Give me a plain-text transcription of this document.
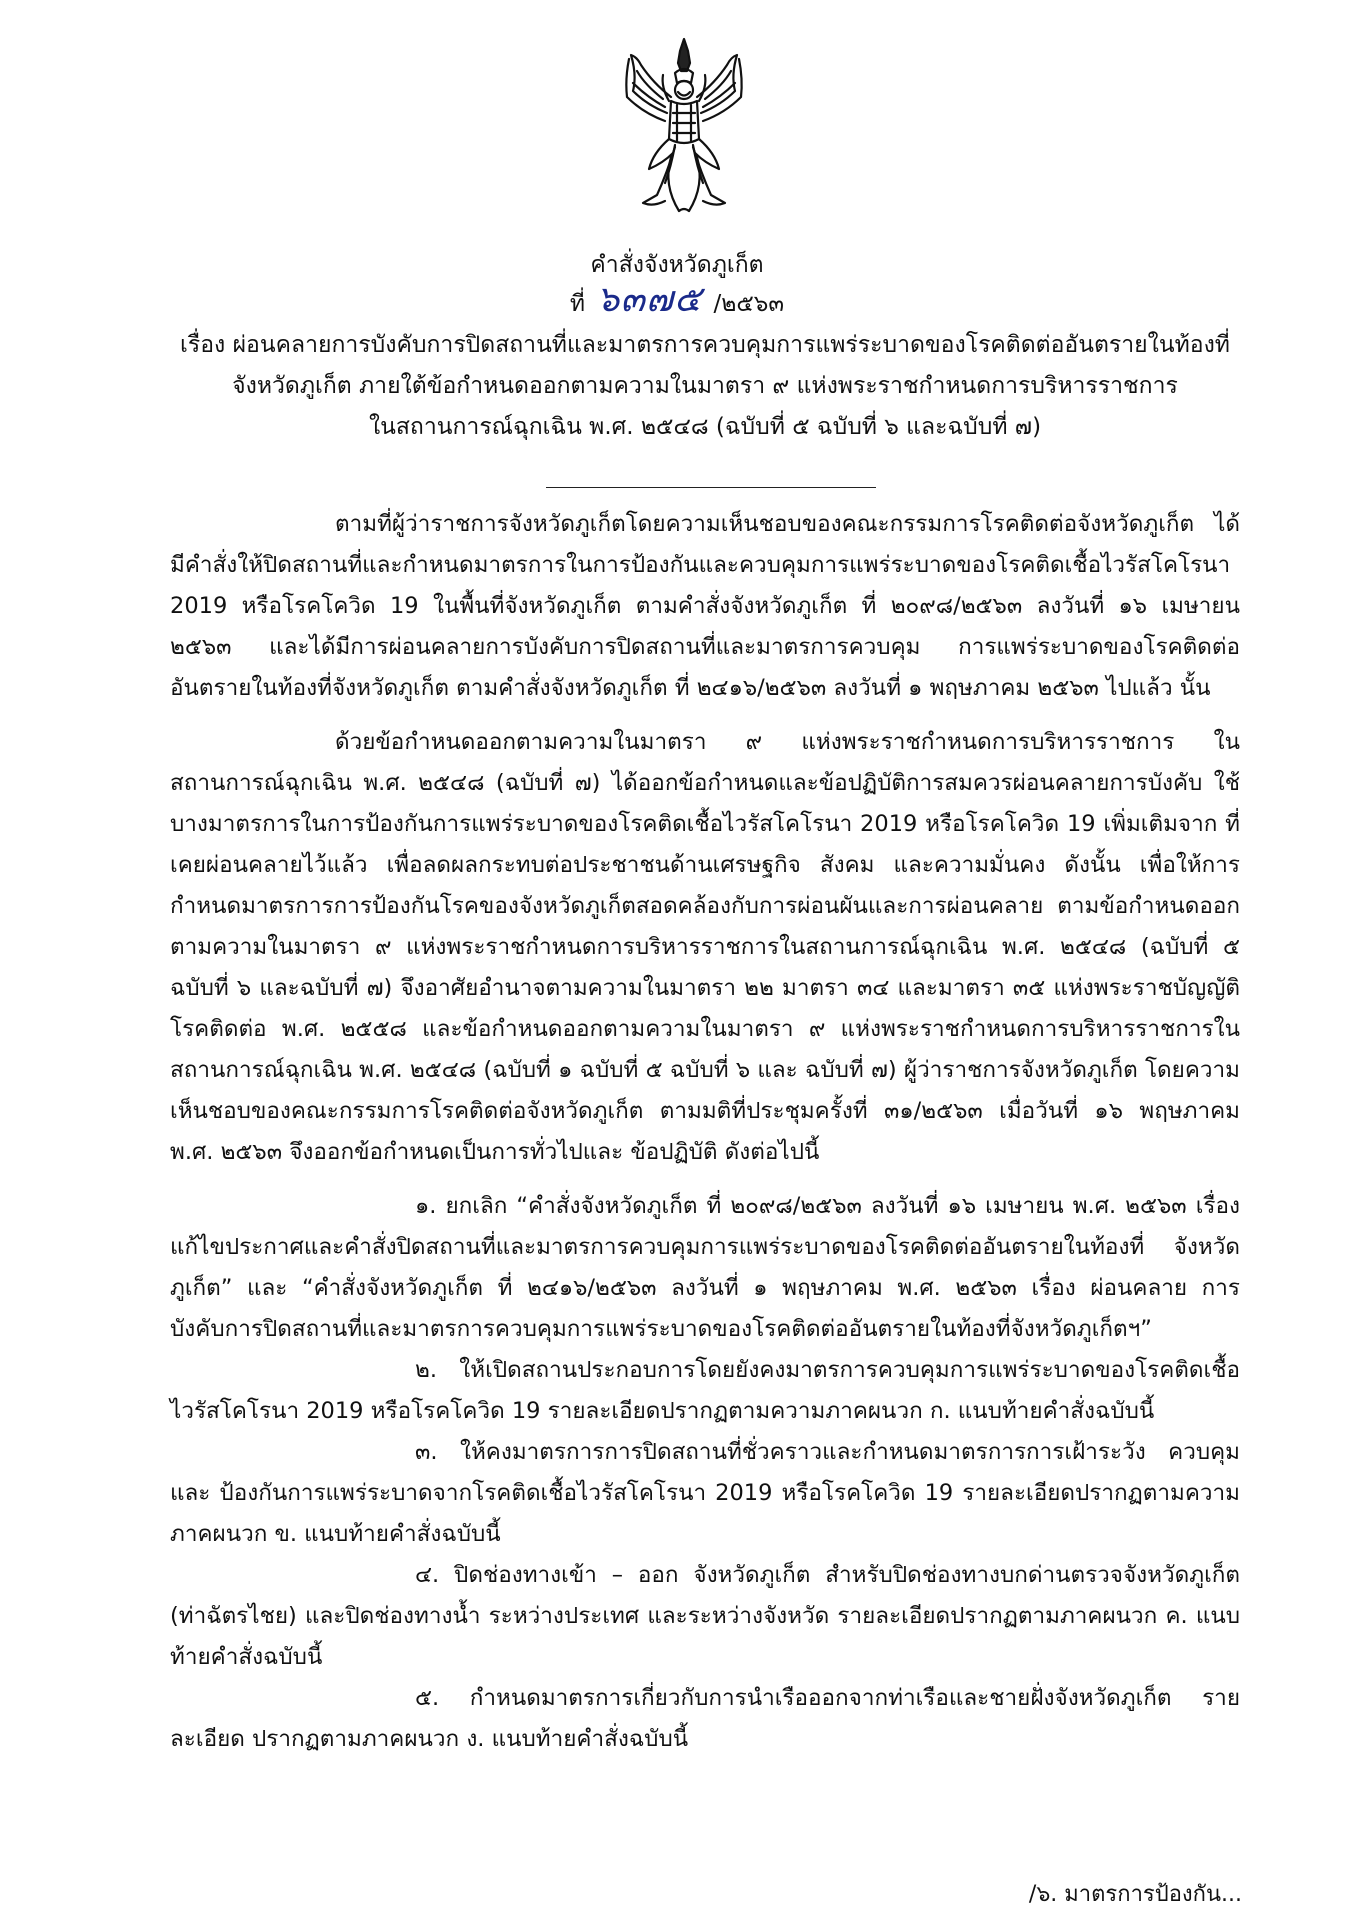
คำสั่งจังหวัดภูเก็ต
ที่ ๖๓๗๕ /๒๕๖๓

เรื่อง ผ่อนคลายการบังคับการปิดสถานที่และมาตรการควบคุมการแพร่ระบาดของโรคติดต่ออันตรายในท้องที่

จังหวัดภูเก็ต ภายใต้ข้อกำหนดออกตามความในมาตรา ๙ แห่งพระราชกำหนดการบริหารราชการ

ในสถานการณ์ฉุกเฉิน พ.ศ. ๒๕๔๘ (ฉบับที่ ๕ ฉบับที่ ๖ และฉบับที่ ๗)

ตามที่ผู้ว่าราชการจังหวัดภูเก็ตโดยความเห็นชอบของคณะกรรมการโรคติดต่อจังหวัดภูเก็ต ได้มีคำสั่งให้ปิดสถานที่และกำหนดมาตรการในการป้องกันและควบคุมการแพร่ระบาดของโรคติดเชื้อไวรัสโคโรนา 2019 หรือโรคโควิด 19 ในพื้นที่จังหวัดภูเก็ต ตามคำสั่งจังหวัดภูเก็ต ที่ ๒๐๙๘/๒๕๖๓ ลงวันที่ ๑๖ เมษายน ๒๕๖๓ และได้มีการผ่อนคลายการบังคับการปิดสถานที่และมาตรการควบคุม การแพร่ระบาดของโรคติดต่ออันตรายในท้องที่จังหวัดภูเก็ต ตามคำสั่งจังหวัดภูเก็ต ที่ ๒๔๑๖/๒๕๖๓ ลงวันที่ ๑ พฤษภาคม ๒๕๖๓ ไปแล้ว นั้น

ด้วยข้อกำหนดออกตามความในมาตรา ๙ แห่งพระราชกำหนดการบริหารราชการ ในสถานการณ์ฉุกเฉิน พ.ศ. ๒๕๔๘ (ฉบับที่ ๗) ได้ออกข้อกำหนดและข้อปฏิบัติการสมควรผ่อนคลายการบังคับ ใช้บางมาตรการในการป้องกันการแพร่ระบาดของโรคติดเชื้อไวรัสโคโรนา 2019 หรือโรคโควิด 19 เพิ่มเติมจาก ที่เคยผ่อนคลายไว้แล้ว เพื่อลดผลกระทบต่อประชาชนด้านเศรษฐกิจ สังคม และความมั่นคง ดังนั้น เพื่อให้การกำหนดมาตรการการป้องกันโรคของจังหวัดภูเก็ตสอดคล้องกับการผ่อนผันและการผ่อนคลาย ตามข้อกำหนดออกตามความในมาตรา ๙ แห่งพระราชกำหนดการบริหารราชการในสถานการณ์ฉุกเฉิน พ.ศ. ๒๕๔๘ (ฉบับที่ ๕ ฉบับที่ ๖ และฉบับที่ ๗) จึงอาศัยอำนาจตามความในมาตรา ๒๒ มาตรา ๓๔ และมาตรา ๓๕ แห่งพระราชบัญญัติโรคติดต่อ พ.ศ. ๒๕๕๘ และข้อกำหนดออกตามความในมาตรา ๙ แห่งพระราชกำหนดการบริหารราชการในสถานการณ์ฉุกเฉิน พ.ศ. ๒๕๔๘ (ฉบับที่ ๑ ฉบับที่ ๕ ฉบับที่ ๖ และ ฉบับที่ ๗) ผู้ว่าราชการจังหวัดภูเก็ต โดยความเห็นชอบของคณะกรรมการโรคติดต่อจังหวัดภูเก็ต ตามมติที่ประชุมครั้งที่ ๓๑/๒๕๖๓ เมื่อวันที่ ๑๖ พฤษภาคม พ.ศ. ๒๕๖๓ จึงออกข้อกำหนดเป็นการทั่วไปและ ข้อปฏิบัติ ดังต่อไปนี้

๑. ยกเลิก “คำสั่งจังหวัดภูเก็ต ที่ ๒๐๙๘/๒๕๖๓ ลงวันที่ ๑๖ เมษายน พ.ศ. ๒๕๖๓ เรื่อง แก้ไขประกาศและคำสั่งปิดสถานที่และมาตรการควบคุมการแพร่ระบาดของโรคติดต่ออันตรายในท้องที่ จังหวัดภูเก็ต” และ “คำสั่งจังหวัดภูเก็ต ที่ ๒๔๑๖/๒๕๖๓ ลงวันที่ ๑ พฤษภาคม พ.ศ. ๒๕๖๓ เรื่อง ผ่อนคลาย การบังคับการปิดสถานที่และมาตรการควบคุมการแพร่ระบาดของโรคติดต่ออันตรายในท้องที่จังหวัดภูเก็ตฯ”

๒. ให้เปิดสถานประกอบการโดยยังคงมาตรการควบคุมการแพร่ระบาดของโรคติดเชื้อ ไวรัสโคโรนา 2019 หรือโรคโควิด 19 รายละเอียดปรากฏตามความภาคผนวก ก. แนบท้ายคำสั่งฉบับนี้

๓. ให้คงมาตรการการปิดสถานที่ชั่วคราวและกำหนดมาตรการการเฝ้าระวัง ควบคุม และ ป้องกันการแพร่ระบาดจากโรคติดเชื้อไวรัสโคโรนา 2019 หรือโรคโควิด 19 รายละเอียดปรากฏตามความ ภาคผนวก ข. แนบท้ายคำสั่งฉบับนี้

๔. ปิดช่องทางเข้า – ออก จังหวัดภูเก็ต สำหรับปิดช่องทางบกด่านตรวจจังหวัดภูเก็ต (ท่าฉัตรไชย) และปิดช่องทางน้ำ ระหว่างประเทศ และระหว่างจังหวัด รายละเอียดปรากฏตามภาคผนวก ค. แนบท้ายคำสั่งฉบับนี้

๕. กำหนดมาตรการเกี่ยวกับการนำเรือออกจากท่าเรือและชายฝั่งจังหวัดภูเก็ต รายละเอียด ปรากฏตามภาคผนวก ง. แนบท้ายคำสั่งฉบับนี้

/๖. มาตรการป้องกัน...
